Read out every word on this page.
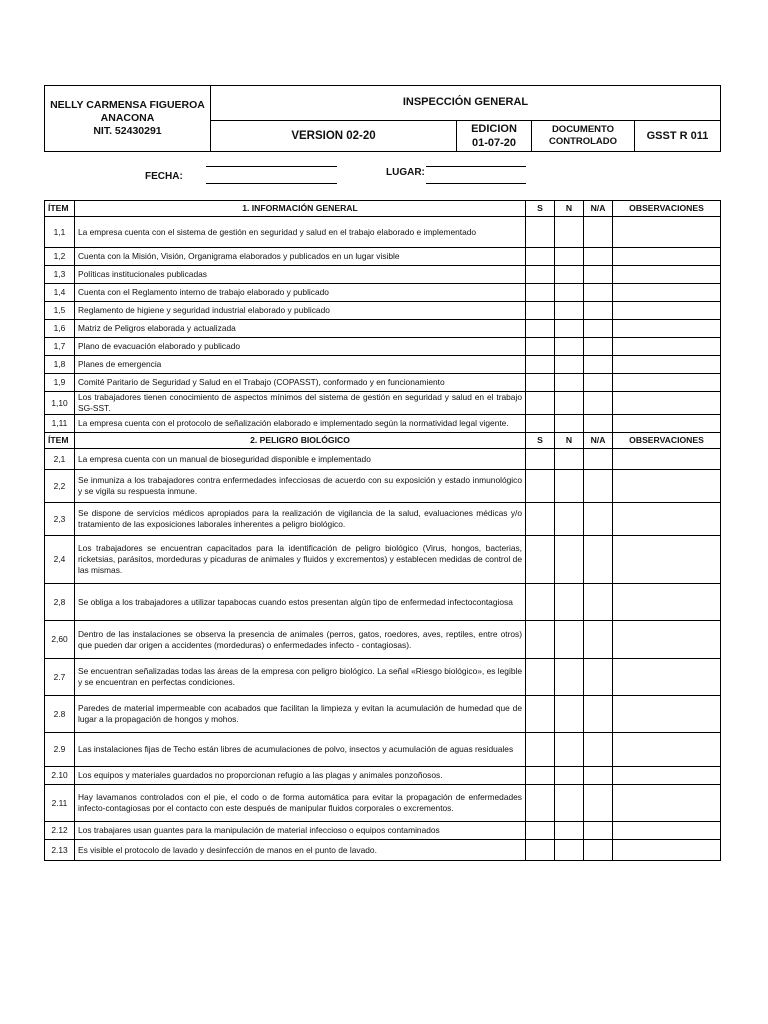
NELLY CARMENSA FIGUEROA
ANACONA
NIT. 52430291
INSPECCIÓN GENERAL
VERSION 02-20
EDICION
01-07-20
DOCUMENTO
CONTROLADO	GSST R 011
FECHA:	LUGAR:
ÍTEM	1. INFORMACIÓN GENERAL	S	N	N/A	OBSERVACIONES
1,1	La empresa cuenta con el sistema de gestión en seguridad y salud en el trabajo elaborado e implementado				
1,2	Cuenta con la Misión, Visión, Organigrama elaborados y publicados en un lugar visible				
1,3	Políticas institucionales publicadas				
1,4	Cuenta con el Reglamento interno de trabajo elaborado y publicado				
1,5	Reglamento de higiene y seguridad industrial elaborado y publicado				
1,6	Matriz de Peligros elaborada y actualizada				
1,7	Plano de evacuación elaborado y publicado				
1,8	Planes de emergencia				
1,9	Comité Paritario de Seguridad y Salud en el Trabajo (COPASST), conformado y en funcionamiento				
1,10	Los trabajadores tienen conocimiento de aspectos mínimos del sistema de gestión en seguridad y salud en el trabajo SG-SST.				
1,11	La empresa cuenta con el protocolo de señalización elaborado e implementado según la normatividad legal vigente.				
ÍTEM	2. PELIGRO BIOLÓGICO	S	N	N/A	OBSERVACIONES
2,1	La empresa cuenta con un manual de bioseguridad disponible e implementado				
2,2	Se inmuniza a los trabajadores contra enfermedades infecciosas de acuerdo con su exposición y estado inmunológico y se vigila su respuesta inmune.				
2,3	Se dispone de servicios médicos apropiados para la realización de vigilancia de la salud, evaluaciones médicas y/o tratamiento de las exposiciones laborales inherentes a peligro biológico.				
2,4	Los trabajadores se encuentran capacitados para la identificación de peligro biológico (Virus, hongos, bacterias, ricketsias, parásitos, mordeduras y picaduras de animales y fluidos y excrementos) y establecen medidas de control de las mismas.				
2,8	Se obliga a los trabajadores a utilizar tapabocas cuando estos presentan algún tipo de enfermedad infectocontagiosa				
2,60	Dentro de las instalaciones se observa la presencia de animales (perros, gatos, roedores, aves, reptiles, entre otros) que pueden dar origen a accidentes (mordeduras) o enfermedades infecto - contagiosas).				
2.7	Se encuentran señalizadas todas las áreas de la empresa con peligro biológico. La señal «Riesgo biológico», es legible y se encuentran en perfectas condiciones.				
2.8	Paredes de material impermeable con acabados que facilitan la limpieza y evitan la acumulación de humedad que de lugar a la propagación de hongos y mohos.				
2.9	Las instalaciones fijas de Techo están libres de acumulaciones de polvo, insectos y acumulación de aguas residuales				
2.10	Los equipos y materiales guardados no proporcionan refugio a las plagas y animales ponzoñosos.				
2.11	Hay lavamanos controlados con el pie, el codo o de forma automática para evitar la propagación de enfermedades infecto-contagiosas por el contacto con este después de manipular fluidos corporales o excrementos.				
2.12	Los trabajares usan guantes para la manipulación de material infeccioso o equipos contaminados				
2.13	Es visible el protocolo de lavado y desinfección de manos en el punto de lavado.				
